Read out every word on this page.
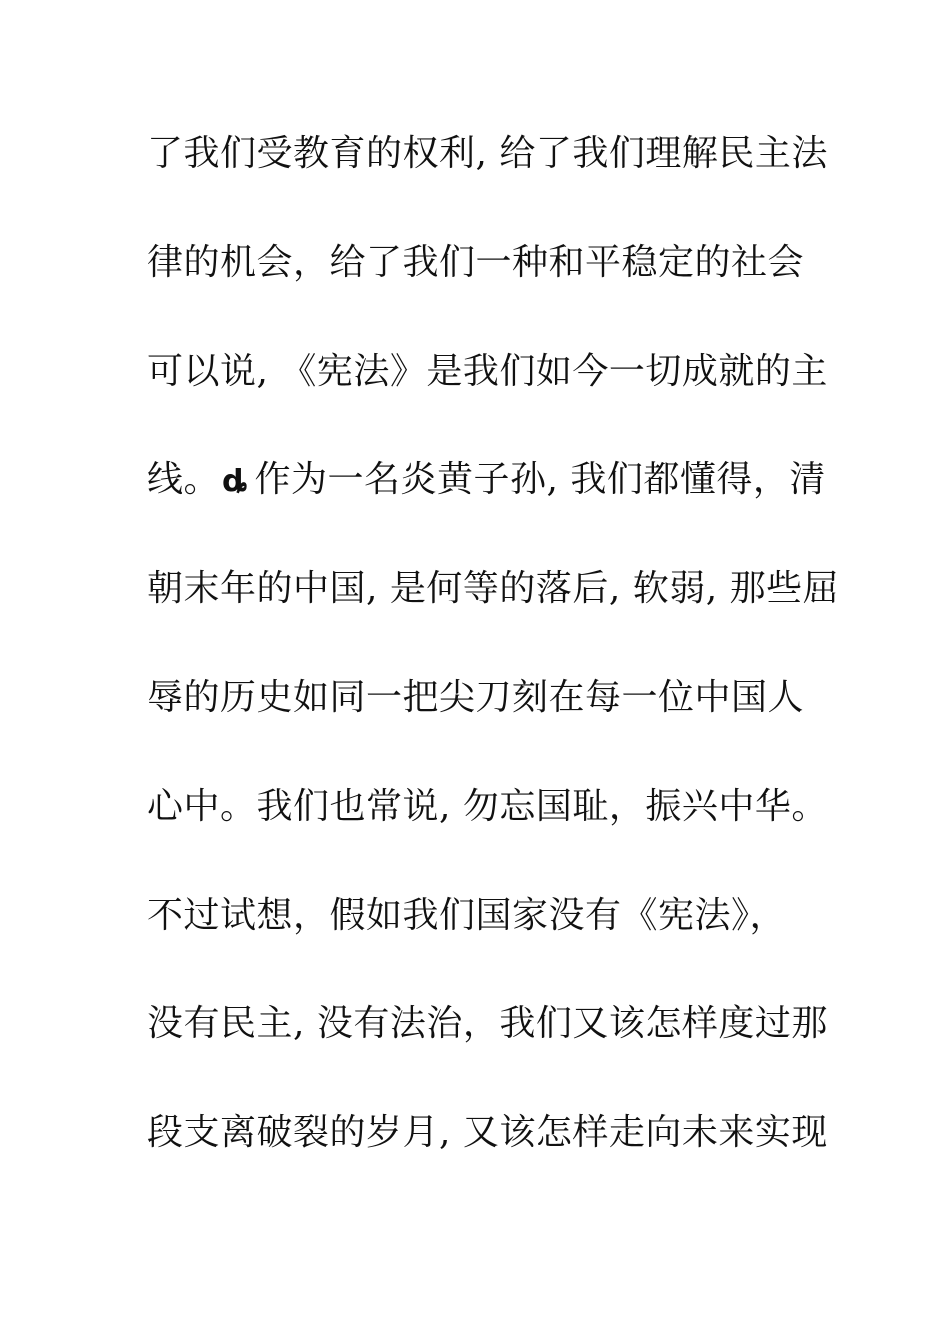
了我们受教育的权利, 给了我们理解民主法
律的机会，给了我们一种和平稳定的社会
可以说, 《宪法》是我们如今一切成就的主
线。ȡ 作为一名炎黄子孙, 我们都懂得，清
朝末年的中国, 是何等的落后, 软弱, 那些屈
辱的历史如同一把尖刀刻在每一位中国人
心中。我们也常说, 勿忘国耻，振兴中华。
不过试想，假如我们国家没有《宪法》，
没有民主, 没有法治，我们又该怎样度过那
段支离破裂的岁月, 又该怎样走向未来实现
